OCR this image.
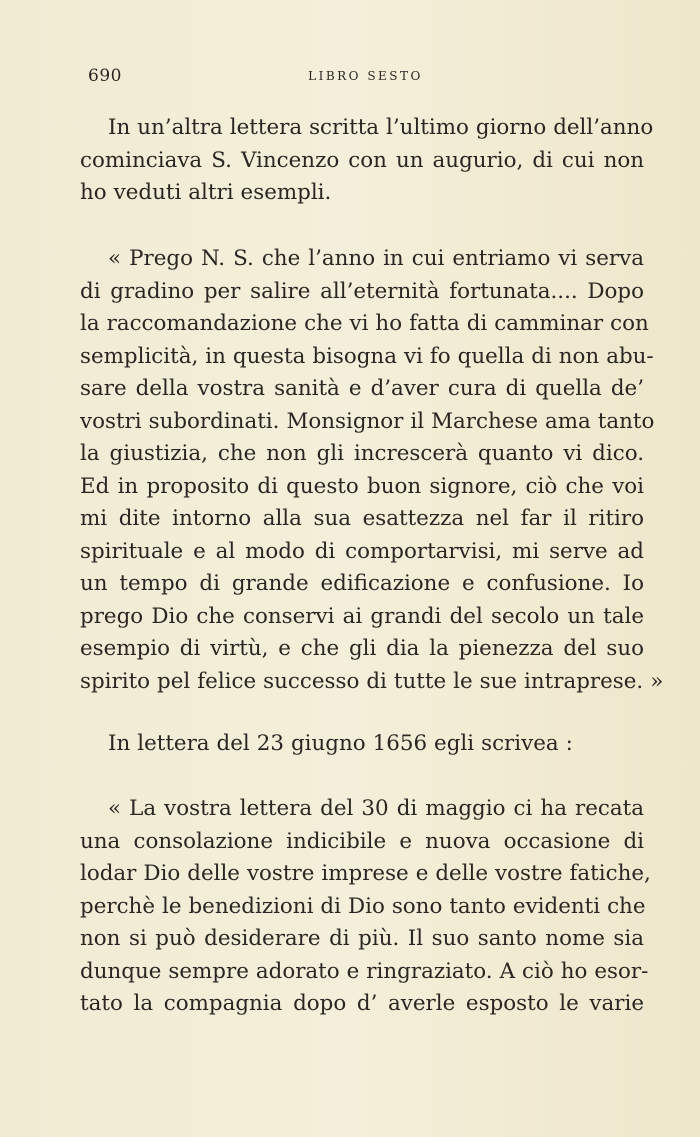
690	LIBRO SESTO

In un’altra lettera scritta l’ultimo giorno dell’anno
cominciava S. Vincenzo con un augurio, di cui non
ho veduti altri esempli.

« Prego N. S. che l’anno in cui entriamo vi serva
di gradino per salire all’eternità fortunata.... Dopo
la raccomandazione che vi ho fatta di camminar con
semplicità, in questa bisogna vi fo quella di non abu-
sare della vostra sanità e d’aver cura di quella de’
vostri subordinati. Monsignor il Marchese ama tanto
la giustizia, che non gli increscerà quanto vi dico.
Ed in proposito di questo buon signore, ciò che voi
mi dite intorno alla sua esattezza nel far il ritiro
spirituale e al modo di comportarvisi, mi serve ad
un tempo di grande edificazione e confusione. Io
prego Dio che conservi ai grandi del secolo un tale
esempio di virtù, e che gli dia la pienezza del suo
spirito pel felice successo di tutte le sue intraprese. »

In lettera del 23 giugno 1656 egli scrivea :

« La vostra lettera del 30 di maggio ci ha recata
una consolazione indicibile e nuova occasione di
lodar Dio delle vostre imprese e delle vostre fatiche,
perchè le benedizioni di Dio sono tanto evidenti che
non si può desiderare di più. Il suo santo nome sia
dunque sempre adorato e ringraziato. A ciò ho esor-
tato la compagnia dopo d’ averle esposto le varie
